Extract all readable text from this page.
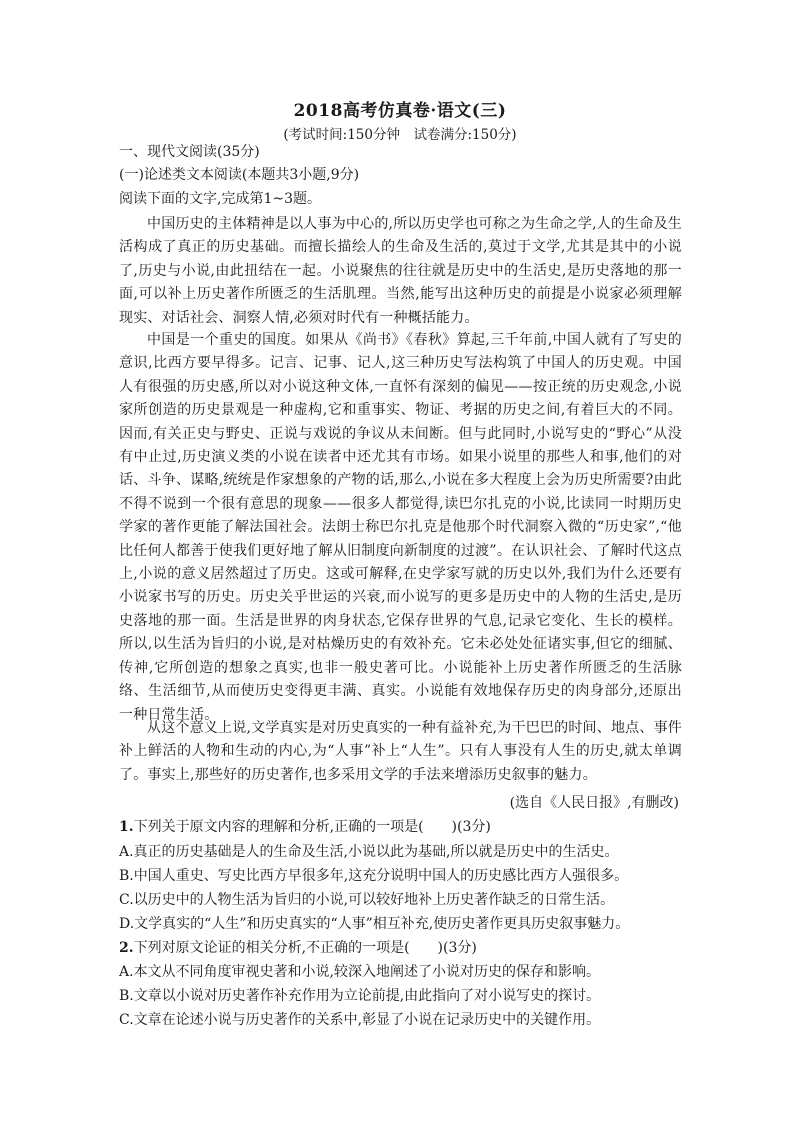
2018高考仿真卷·语文(三)
(考试时间:150分钟　试卷满分:150分)
一、现代文阅读(35分)
(一)论述类文本阅读(本题共3小题,9分)
阅读下面的文字,完成第1~3题。
中国历史的主体精神是以人事为中心的,所以历史学也可称之为生命之学,人的生命及生活构成了真正的历史基础。而擅长描绘人的生命及生活的,莫过于文学,尤其是其中的小说了,历史与小说,由此扭结在一起。小说聚焦的往往就是历史中的生活史,是历史落地的那一面,可以补上历史著作所匮乏的生活肌理。当然,能写出这种历史的前提是小说家必须理解现实、对话社会、洞察人情,必须对时代有一种概括能力。
中国是一个重史的国度。如果从《尚书》《春秋》算起,三千年前,中国人就有了写史的意识,比西方要早得多。记言、记事、记人,这三种历史写法构筑了中国人的历史观。中国人有很强的历史感,所以对小说这种文体,一直怀有深刻的偏见——按正统的历史观念,小说家所创造的历史景观是一种虚构,它和重事实、物证、考据的历史之间,有着巨大的不同。因而,有关正史与野史、正说与戏说的争议从未间断。但与此同时,小说写史的“野心”从没有中止过,历史演义类的小说在读者中还尤其有市场。如果小说里的那些人和事,他们的对话、斗争、谋略,统统是作家想象的产物的话,那么,小说在多大程度上会为历史所需要?由此不得不说到一个很有意思的现象——很多人都觉得,读巴尔扎克的小说,比读同一时期历史学家的著作更能了解法国社会。法朗士称巴尔扎克是他那个时代洞察入微的“历史家”,“他比任何人都善于使我们更好地了解从旧制度向新制度的过渡”。在认识社会、了解时代这点上,小说的意义居然超过了历史。这或可解释,在史学家写就的历史以外,我们为什么还要有小说家书写的历史。历史关乎世运的兴衰,而小说写的更多是历史中的人物的生活史,是历史落地的那一面。生活是世界的肉身状态,它保存世界的气息,记录它变化、生长的模样。所以,以生活为旨归的小说,是对枯燥历史的有效补充。它未必处处征诸实事,但它的细腻、传神,它所创造的想象之真实,也非一般史著可比。小说能补上历史著作所匮乏的生活脉络、生活细节,从而使历史变得更丰满、真实。小说能有效地保存历史的肉身部分,还原出一种日常生活。
从这个意义上说,文学真实是对历史真实的一种有益补充,为干巴巴的时间、地点、事件补上鲜活的人物和生动的内心,为“人事”补上“人生”。只有人事没有人生的历史,就太单调了。事实上,那些好的历史著作,也多采用文学的手法来增添历史叙事的魅力。
(选自《人民日报》,有删改)
1.下列关于原文内容的理解和分析,正确的一项是(　　)(3分)
A.真正的历史基础是人的生命及生活,小说以此为基础,所以就是历史中的生活史。
B.中国人重史、写史比西方早很多年,这充分说明中国人的历史感比西方人强很多。
C.以历史中的人物生活为旨归的小说,可以较好地补上历史著作缺乏的日常生活。
D.文学真实的“人生”和历史真实的“人事”相互补充,使历史著作更具历史叙事魅力。
2.下列对原文论证的相关分析,不正确的一项是(　　)(3分)
A.本文从不同角度审视史著和小说,较深入地阐述了小说对历史的保存和影响。
B.文章以小说对历史著作补充作用为立论前提,由此指向了对小说写史的探讨。
C.文章在论述小说与历史著作的关系中,彰显了小说在记录历史中的关键作用。
